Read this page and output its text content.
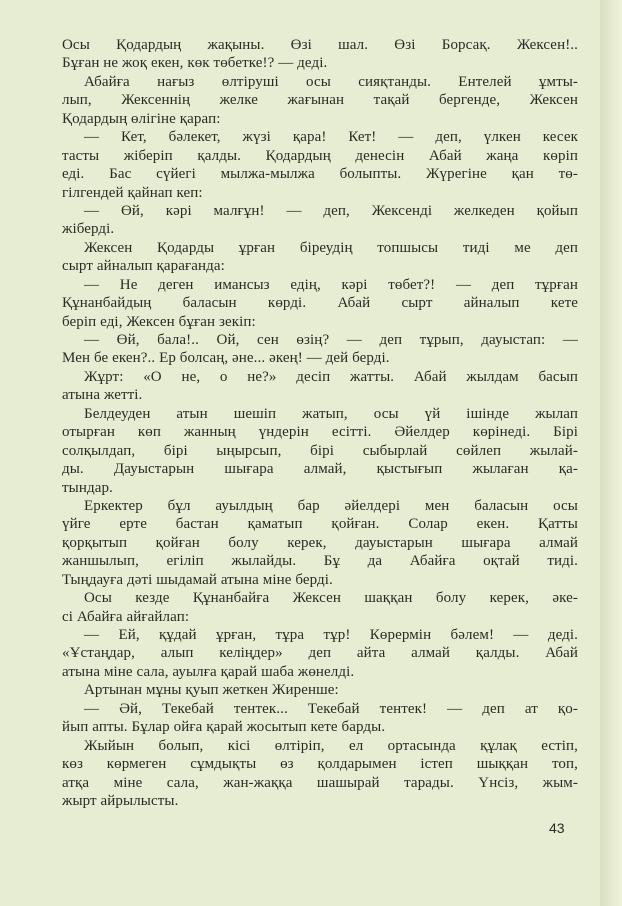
Осы Қодардың жақыны. Өзі шал. Өзі Борсақ. Жексен!..
Бұған не жоқ екен, көк төбетке!? — деді.
Абайға нағыз өлтіруші осы сияқтанды. Ентелей ұмты-
лып, Жексеннің желке жағынан тақай бергенде, Жексен
Қодардың өлігіне қарап:
— Кет, бәлекет, жүзі қара! Кет! — деп, үлкен кесек
тасты жіберіп қалды. Қодардың денесін Абай жаңа көріп
еді. Бас сүйегі мылжа-мылжа болыпты. Жүрегіне қан тө-
гілгендей қайнап кеп:
— Өй, кәрі малғұн! — деп, Жексенді желкеден қойып
жіберді.
Жексен Қодарды ұрған біреудің топшысы тиді ме деп
сырт айналып қарағанда:
— Не деген имансыз едің, кәрі төбет?! — деп тұрған
Құнанбайдың баласын көрді. Абай сырт айналып кете
беріп еді, Жексен бұған зекіп:
— Өй, бала!.. Ой, сен өзің? — деп тұрып, дауыстап: —
Мен бе екен?.. Ер болсаң, әне... әкең! — дей берді.
Жұрт: «О не, о не?» десіп жатты. Абай жылдам басып
атына жетті.
Белдеуден атын шешіп жатып, осы үй ішінде жылап
отырған көп жанның үндерін есітті. Әйелдер көрінеді. Бірі
солқылдап, бірі ыңырсып, бірі сыбырлай сөйлеп жылай-
ды. Дауыстарын шығара алмай, қыстығып жылаған қа-
тындар.
Еркектер бұл ауылдың бар әйелдері мен баласын осы
үйге ерте бастан қаматып қойған. Солар екен. Қатты
қорқытып қойған болу керек, дауыстарын шығара алмай
жаншылып, егіліп жылайды. Бұ да Абайға оқтай тиді.
Тыңдауға дәті шыдамай атына міне берді.
Осы кезде Құнанбайға Жексен шаққан болу керек, әке-
сі Абайға айғайлап:
— Ей, құдай ұрған, тұра тұр! Көрермін бәлем! — деді.
«Ұстаңдар, алып келіңдер» деп айта алмай қалды. Абай
атына міне сала, ауылға қарай шаба жөнелді.
Артынан мұны қуып жеткен Жиренше:
— Әй, Текебай тентек... Текебай тентек! — деп ат қо-
йып апты. Бұлар ойға қарай жосытып кете барды.
Жыйын болып, кісі өлтіріп, ел ортасында құлақ естіп,
көз көрмеген сұмдықты өз қолдарымен істеп шыққан топ,
атқа міне сала, жан-жаққа шашырай тарады. Үнсіз, жым-
жырт айрылысты.
43
